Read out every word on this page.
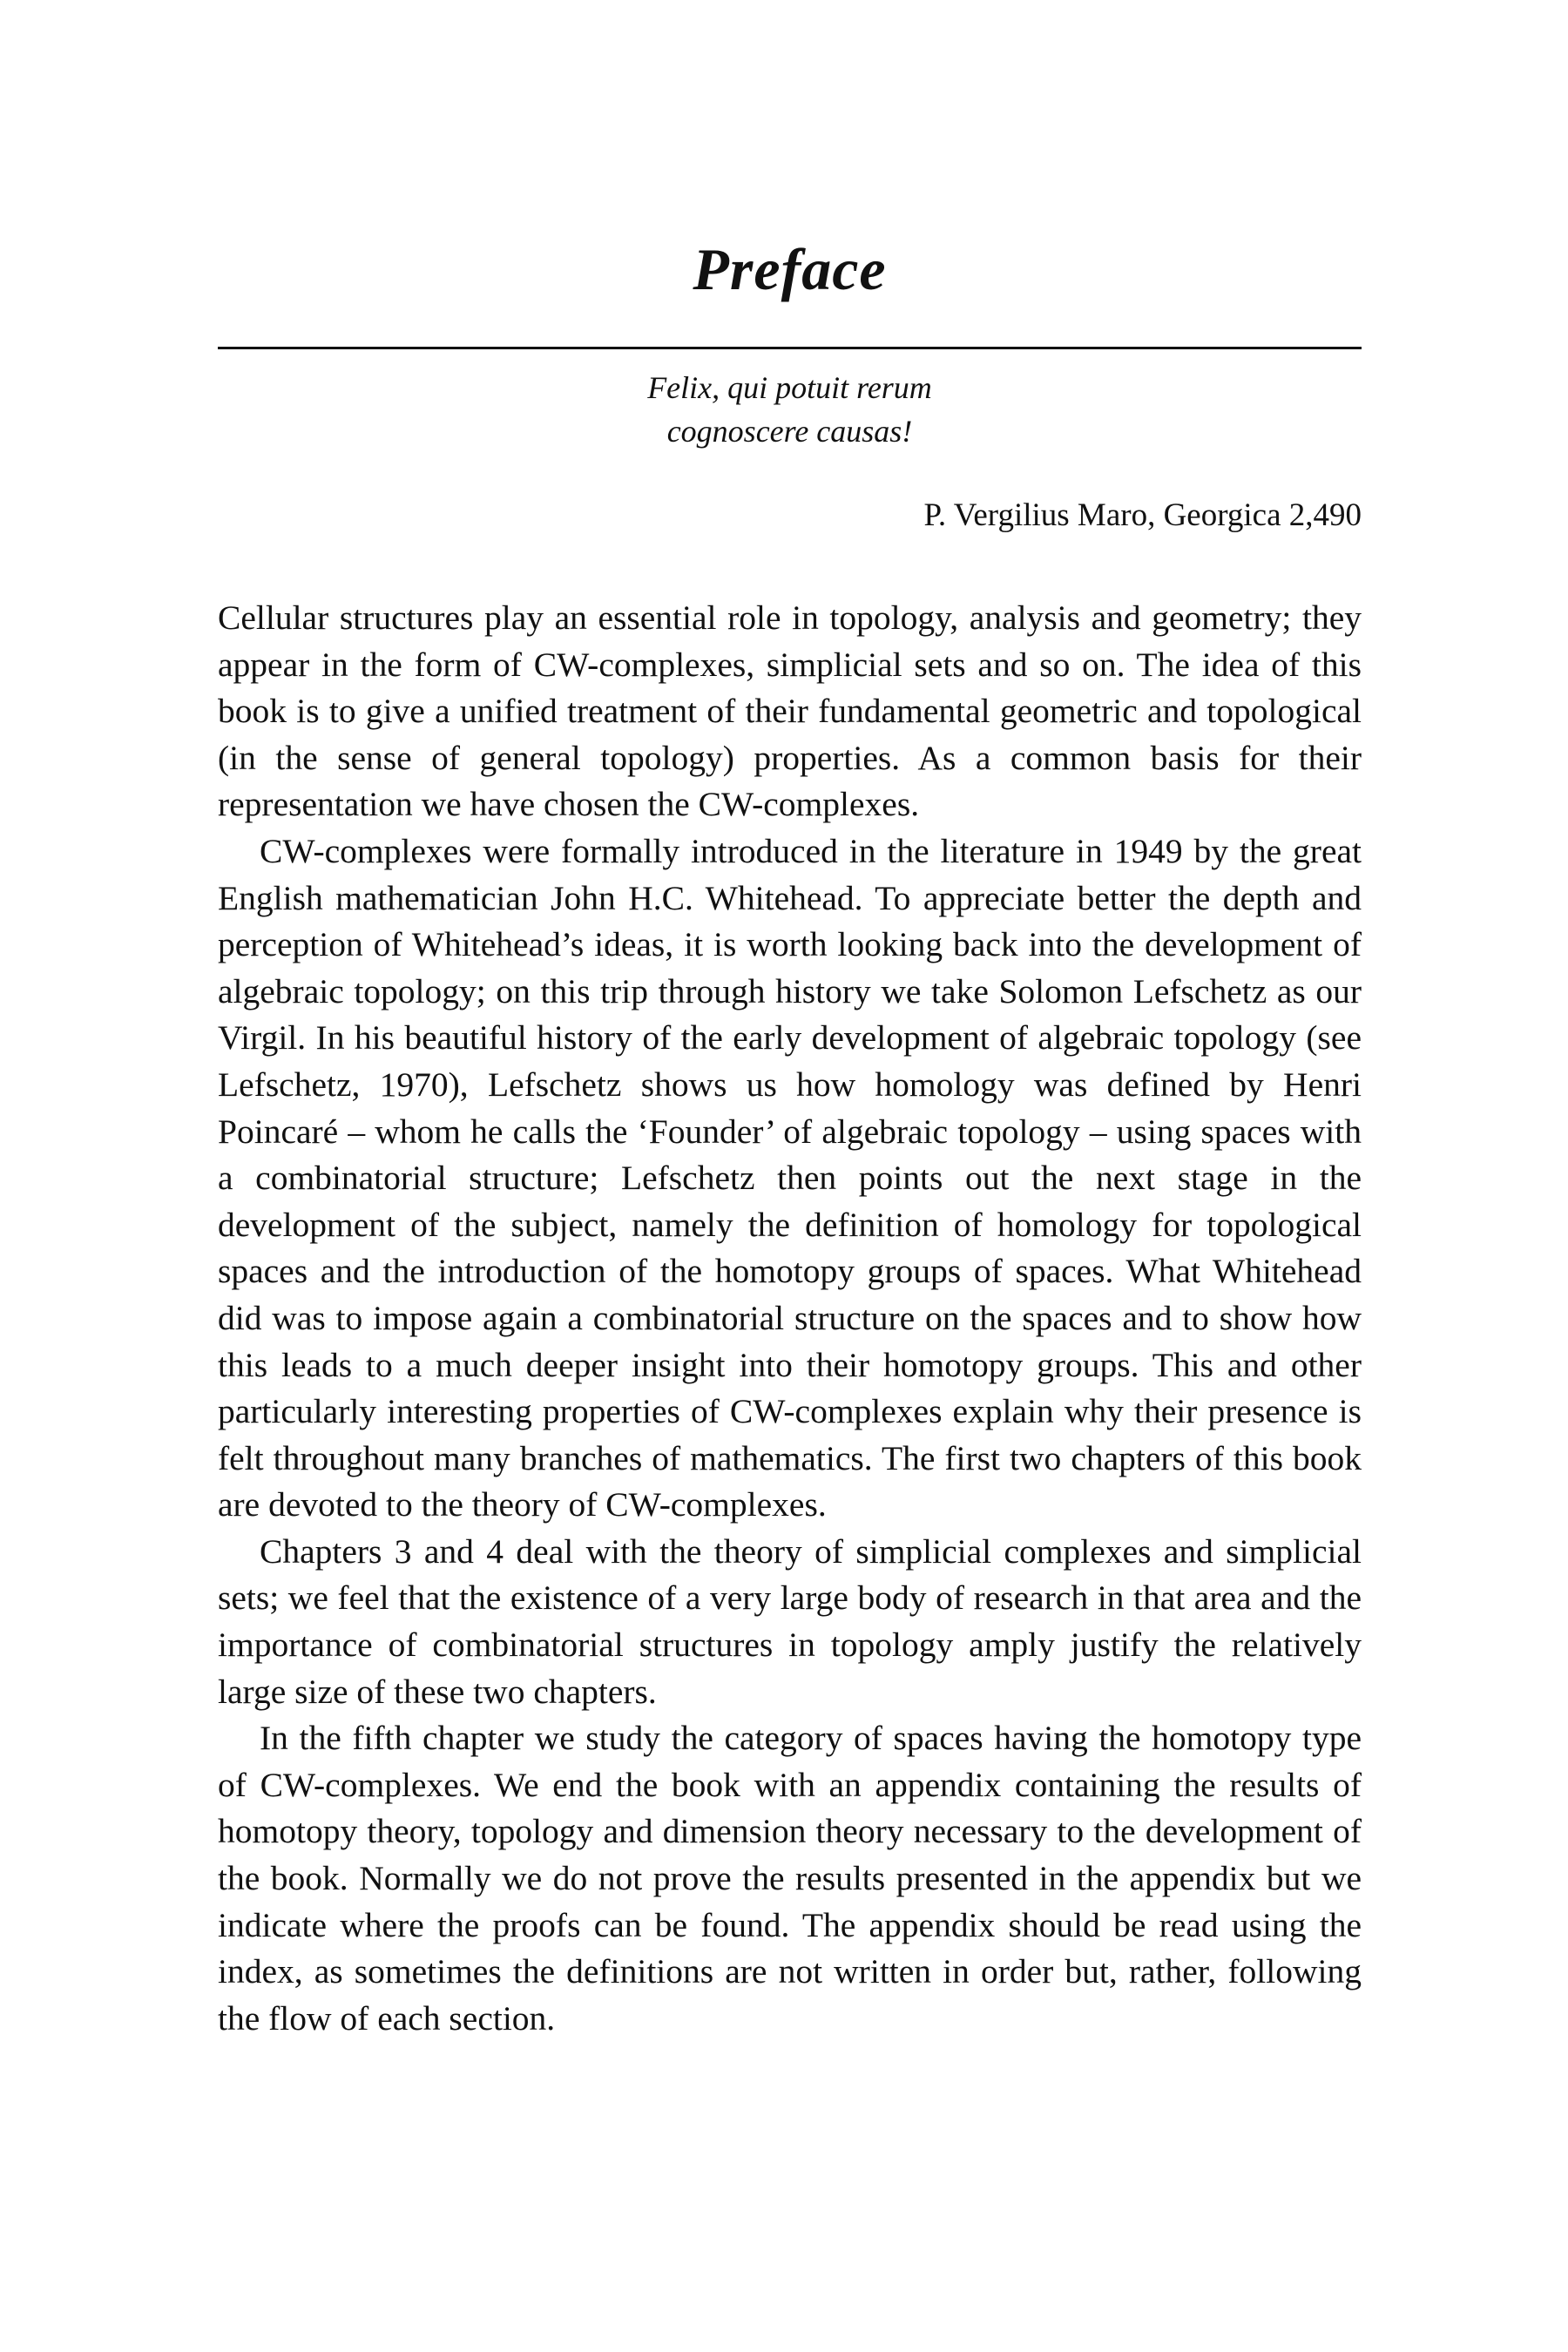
Preface
Felix, qui potuit rerum
cognoscere causas!
P. Vergilius Maro, Georgica 2,490

Cellular structures play an essential role in topology, analysis and geometry; they appear in the form of CW-complexes, simplicial sets and so on. The idea of this book is to give a unified treatment of their fundamental geometric and topological (in the sense of general topology) properties. As a common basis for their representation we have chosen the CW-complexes.

CW-complexes were formally introduced in the literature in 1949 by the great English mathematician John H.C. Whitehead. To appreciate better the depth and perception of Whitehead’s ideas, it is worth looking back into the development of algebraic topology; on this trip through history we take Solomon Lefschetz as our Virgil. In his beautiful history of the early development of algebraic topology (see Lefschetz, 1970), Lefschetz shows us how homology was defined by Henri Poincaré – whom he calls the ‘Founder’ of algebraic topology – using spaces with a combinatorial structure; Lefschetz then points out the next stage in the development of the subject, namely the definition of homology for topological spaces and the introduction of the homotopy groups of spaces. What Whitehead did was to impose again a combinatorial structure on the spaces and to show how this leads to a much deeper insight into their homotopy groups. This and other particularly interesting properties of CW-complexes explain why their presence is felt throughout many branches of mathematics. The first two chapters of this book are devoted to the theory of CW-complexes.

Chapters 3 and 4 deal with the theory of simplicial complexes and simplicial sets; we feel that the existence of a very large body of research in that area and the importance of combinatorial structures in topology amply justify the relatively large size of these two chapters.

In the fifth chapter we study the category of spaces having the homotopy type of CW-complexes. We end the book with an appendix containing the results of homotopy theory, topology and dimension theory necessary to the development of the book. Normally we do not prove the results presented in the appendix but we indicate where the proofs can be found. The appendix should be read using the index, as sometimes the definitions are not written in order but, rather, following the flow of each section.
